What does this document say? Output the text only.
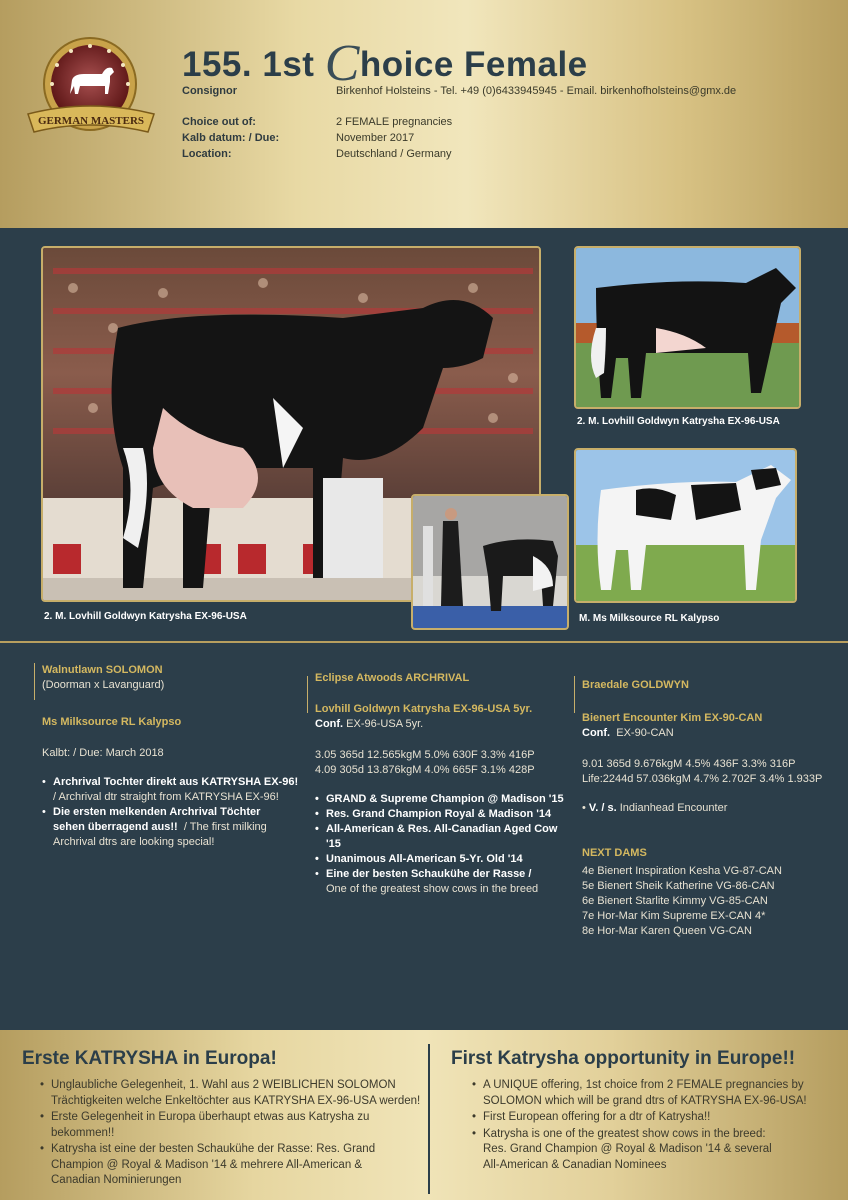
GERMAN MASTERS
155. 1st Choice Female
Consignor	Birkenhof Holsteins - Tel. +49 (0)6433945945 - Email. birkenhofholsteins@gmx.de
Choice out of:	2 FEMALE pregnancies
Kalb datum: / Due:	November 2017
Location:	Deutschland / Germany
2. M. Lovhill Goldwyn Katrysha EX-96-USA
2. M. Lovhill Goldwyn Katrysha EX-96-USA
M. Ms Milksource RL Kalypso
Walnutlawn SOLOMON
(Doorman x Lavanguard)
Ms Milksource RL Kalypso
Kalbt: / Due: March 2018
• Archrival Tochter direkt aus KATRYSHA EX-96!
/ Archrival dtr straight from KATRYSHA EX-96!
• Die ersten melkenden Archrival Töchter
sehen überragend aus!! / The first milking
Archrival dtrs are looking special!
Eclipse Atwoods ARCHRIVAL
Lovhill Goldwyn Katrysha EX-96-USA 5yr.
Conf. EX-96-USA 5yr.
3.05 365d 12.565kgM 5.0% 630F 3.3% 416P
4.09 305d 13.876kgM 4.0% 665F 3.1% 428P
• GRAND & Supreme Champion @ Madison '15
• Res. Grand Champion Royal & Madison '14
• All-American & Res. All-Canadian Aged Cow '15
• Unanimous All-American 5-Yr. Old '14
• Eine der besten Schaukühe der Rasse /
One of the greatest show cows in the breed
Braedale GOLDWYN
Bienert Encounter Kim EX-90-CAN
Conf. EX-90-CAN
9.01 365d 9.676kgM 4.5% 436F 3.3% 316P
Life:2244d 57.036kgM 4.7% 2.702F 3.4% 1.933P
• V. / s. Indianhead Encounter
NEXT DAMS
4e Bienert Inspiration Kesha VG-87-CAN
5e Bienert Sheik Katherine VG-86-CAN
6e Bienert Starlite Kimmy VG-85-CAN
7e Hor-Mar Kim Supreme EX-CAN 4*
8e Hor-Mar Karen Queen VG-CAN
Erste KATRYSHA in Europa!
• Unglaubliche Gelegenheit, 1. Wahl aus 2 WEIBLICHEN SOLOMON
Trächtigkeiten welche Enkeltöchter aus KATRYSHA EX-96-USA werden!
• Erste Gelegenheit in Europa überhaupt etwas aus Katrysha zu
bekommen!!
• Katrysha ist eine der besten Schaukühe der Rasse: Res. Grand
Champion @ Royal & Madison '14 & mehrere All-American &
Canadian Nominierungen
First Katrysha opportunity in Europe!!
• A UNIQUE offering, 1st choice from 2 FEMALE pregnancies by
SOLOMON which will be grand dtrs of KATRYSHA EX-96-USA!
• First European offering for a dtr of Katrysha!!
• Katrysha is one of the greatest show cows in the breed:
Res. Grand Champion @ Royal & Madison '14 & several
All-American & Canadian Nominees
